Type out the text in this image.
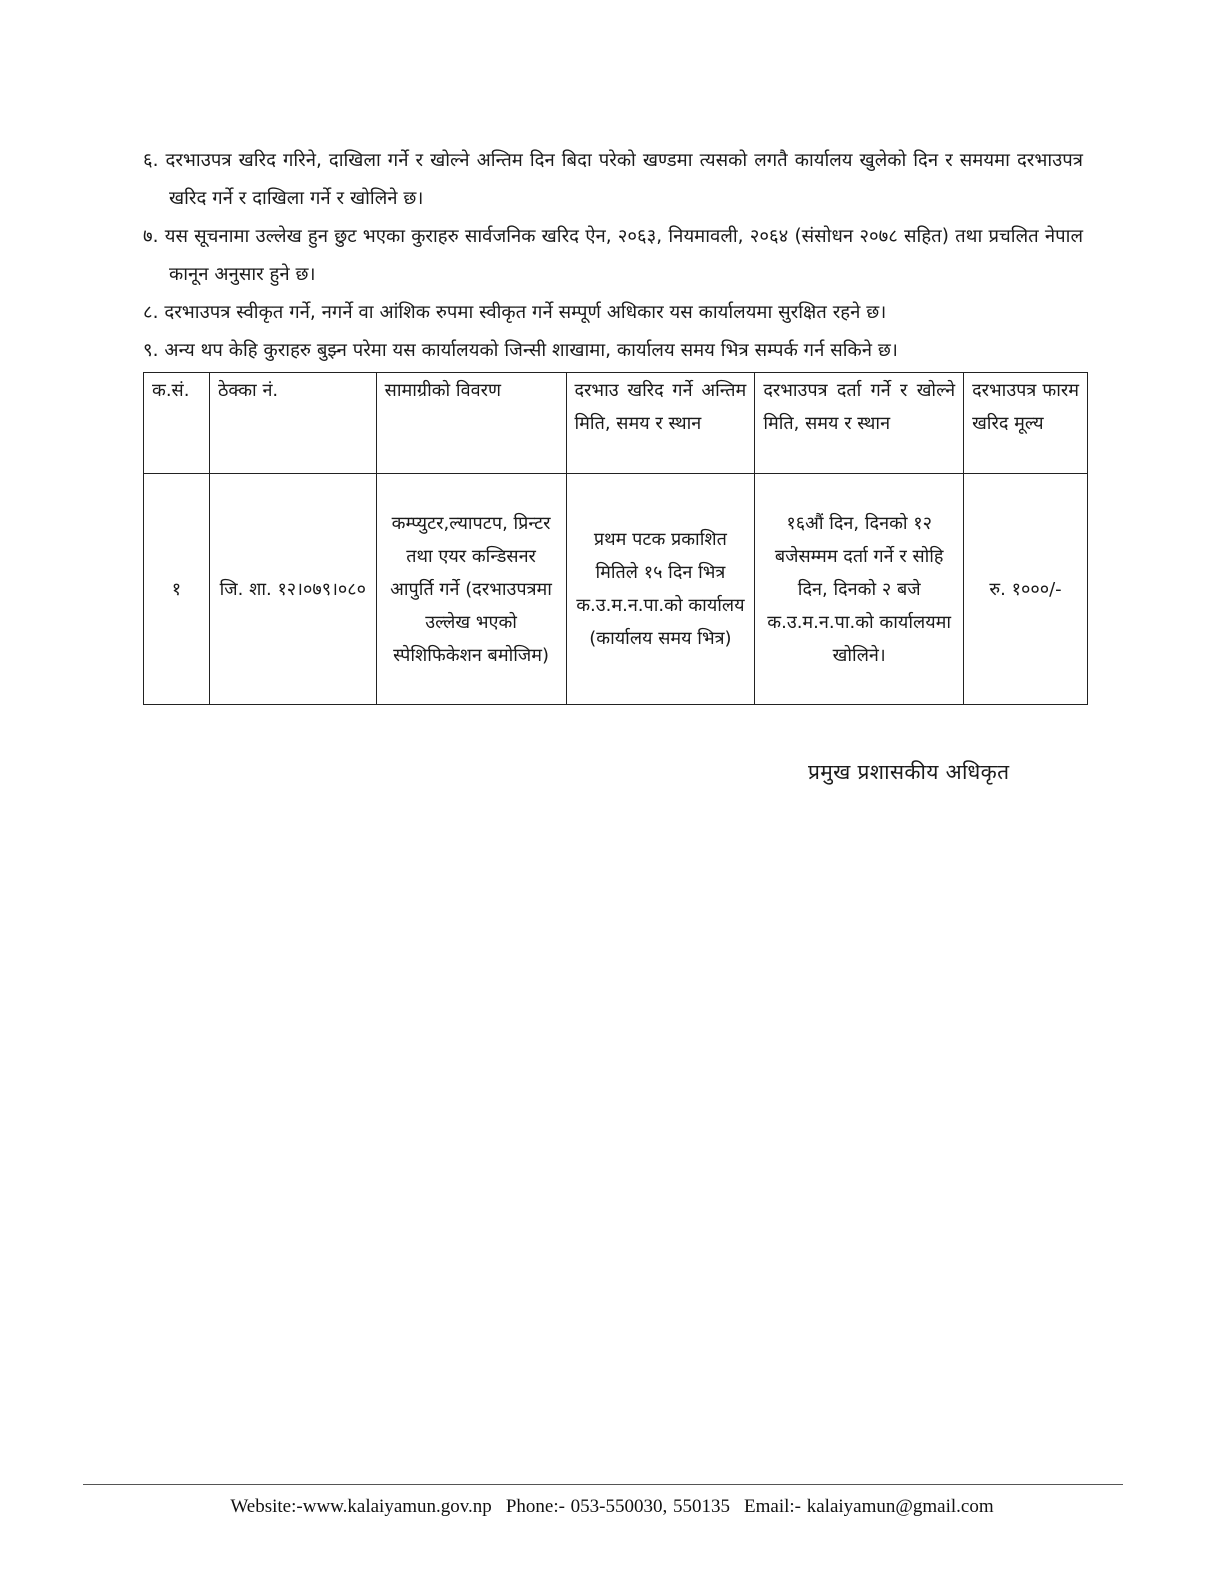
६. दरभाउपत्र खरिद गरिने, दाखिला गर्ने र खोल्ने अन्तिम दिन बिदा परेको खण्डमा त्यसको लगतै कार्यालय खुलेको दिन र समयमा दरभाउपत्र खरिद गर्ने र दाखिला गर्ने र खोलिने छ।

७. यस सूचनामा उल्लेख हुन छुट भएका कुराहरु सार्वजनिक खरिद ऐन, २०६३, नियमावली, २०६४ (संसोधन २०७८ सहित) तथा प्रचलित नेपाल कानून अनुसार हुने छ।

८. दरभाउपत्र स्वीकृत गर्ने, नगर्ने वा आंशिक रुपमा स्वीकृत गर्ने सम्पूर्ण अधिकार यस कार्यालयमा सुरक्षित रहने छ।

९. अन्य थप केहि कुराहरु बुझ्न परेमा यस कार्यालयको जिन्सी शाखामा, कार्यालय समय भित्र सम्पर्क गर्न सकिने छ।

क.सं.	ठेक्का नं.	सामाग्रीको विवरण	दरभाउ खरिद गर्ने अन्तिम मिति, समय र स्थान	दरभाउपत्र दर्ता गर्ने र खोल्ने मिति, समय र स्थान	दरभाउपत्र फारम खरिद मूल्य
१	जि. शा. १२।०७९।०८०	कम्प्युटर,ल्यापटप, प्रिन्टर तथा एयर कन्डिसनर आपुर्ति गर्ने (दरभाउपत्रमा उल्लेख भएको स्पेशिफिकेशन बमोजिम)	प्रथम पटक प्रकाशित मितिले १५ दिन भित्र क.उ.म.न.पा.को कार्यालय (कार्यालय समय भित्र)	१६औं दिन, दिनको १२ बजेसम्मम दर्ता गर्ने र सोहि दिन, दिनको २ बजे क.उ.म.न.पा.को कार्यालयमा खोलिने।	रु. १०००/-
प्रमुख प्रशासकीय अधिकृत
Website:-www.kalaiyamun.gov.np Phone:- 053-550030, 550135 Email:- kalaiyamun@gmail.com
